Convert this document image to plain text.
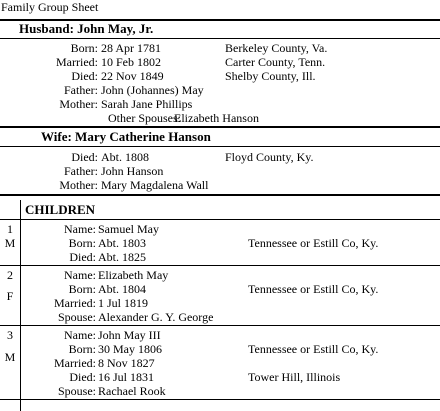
Family Group Sheet
Husband: John May, Jr.
Born: 28 Apr 1781	Berkeley County, Va.
Married: 10 Feb 1802	Carter County, Tenn.
Died: 22 Nov 1849	Shelby County, Ill.
Father: John (Johannes) May
Mother: Sarah Jane Phillips
Other Spouses:
Elizabeth Hanson
Wife: Mary Catherine Hanson
Died: Abt. 1808	Floyd County, Ky.
Father: John Hanson
Mother: Mary Magdalena Wall
CHILDREN
1
M
Name: Samuel May
Born: Abt. 1803	Tennessee or Estill Co, Ky.
Died: Abt. 1825
2
F
Name: Elizabeth May
Born: Abt. 1804	Tennessee or Estill Co, Ky.
Married: 1 Jul 1819
Spouse: Alexander G. Y. George
3
M
Name: John May III
Born: 30 May 1806	Tennessee or Estill Co, Ky.
Married: 8 Nov 1827
Died: 16 Jul 1831	Tower Hill, Illinois
Spouse: Rachael Rook
